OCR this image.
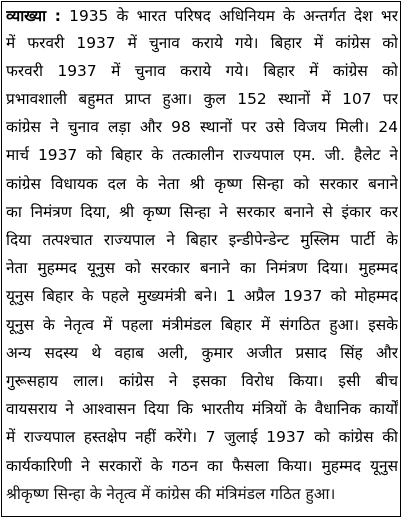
व्याख्या : 1935 के भारत परिषद अधिनियम के अन्तर्गत देश भर
में फरवरी 1937 में चुनाव कराये गये। बिहार में कांग्रेस को
फरवरी 1937 में चुनाव कराये गये। बिहार में कांग्रेस को
प्रभावशाली बहुमत प्राप्त हुआ। कुल 152 स्थानों में 107 पर
कांग्रेस ने चुनाव लड़ा और 98 स्थानों पर उसे विजय मिली। 24
मार्च 1937 को बिहार के तत्कालीन राज्यपाल एम. जी. हैलेट ने
कांग्रेस विधायक दल के नेता श्री कृष्ण सिन्हा को सरकार बनाने
का निमंत्रण दिया, श्री कृष्ण सिन्हा ने सरकार बनाने से इंकार कर
दिया तत्पश्चात राज्यपाल ने बिहार इन्डीपेन्डेन्ट मुस्लिम पार्टी के
नेता मुहम्मद यूनुस को सरकार बनाने का निमंत्रण दिया। मुहम्मद
यूनुस बिहार के पहले मुख्यमंत्री बने। 1 अप्रैल 1937 को मोहम्मद
यूनुस के नेतृत्व में पहला मंत्रीमंडल बिहार में संगठित हुआ। इसके
अन्य सदस्य थे वहाब अली, कुमार अजीत प्रसाद सिंह और
गुरूसहाय लाल। कांग्रेस ने इसका विरोध किया। इसी बीच
वायसराय ने आश्वासन दिया कि भारतीय मंत्रियों के वैधानिक कार्यों
में राज्यपाल हस्तक्षेप नहीं करेंगे। 7 जुलाई 1937 को कांग्रेस की
कार्यकारिणी ने सरकारों के गठन का फैसला किया। मुहम्मद यूनुस
श्रीकृष्ण सिन्हा के नेतृत्व में कांग्रेस की मंत्रिमंडल गठित हुआ।
